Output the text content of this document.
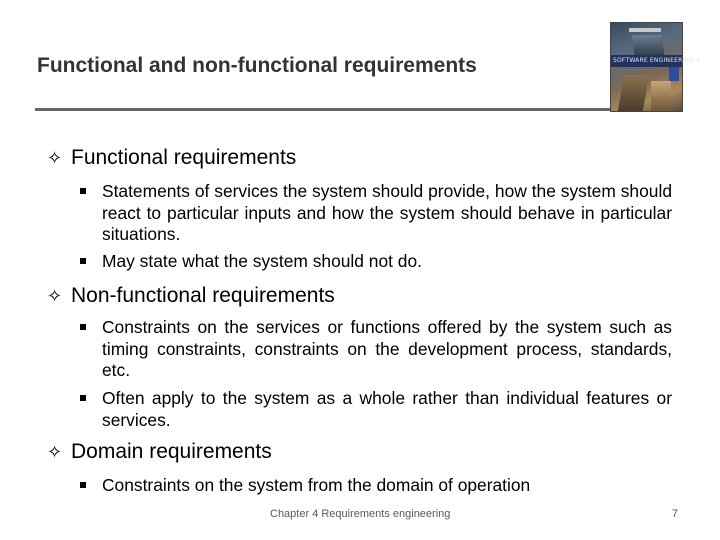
Functional and non-functional requirements	SOFTWARE ENGINEERING 9
✧ Functional requirements
Statements of services the system should provide, how the system should react to particular inputs and how the system should behave in particular situations.
May state what the system should not do.
✧ Non-functional requirements
Constraints on the services or functions offered by the system such as timing constraints, constraints on the development process, standards, etc.
Often apply to the system as a whole rather than individual features or services.
✧ Domain requirements
Constraints on the system from the domain of operation
Chapter 4 Requirements engineering	7
